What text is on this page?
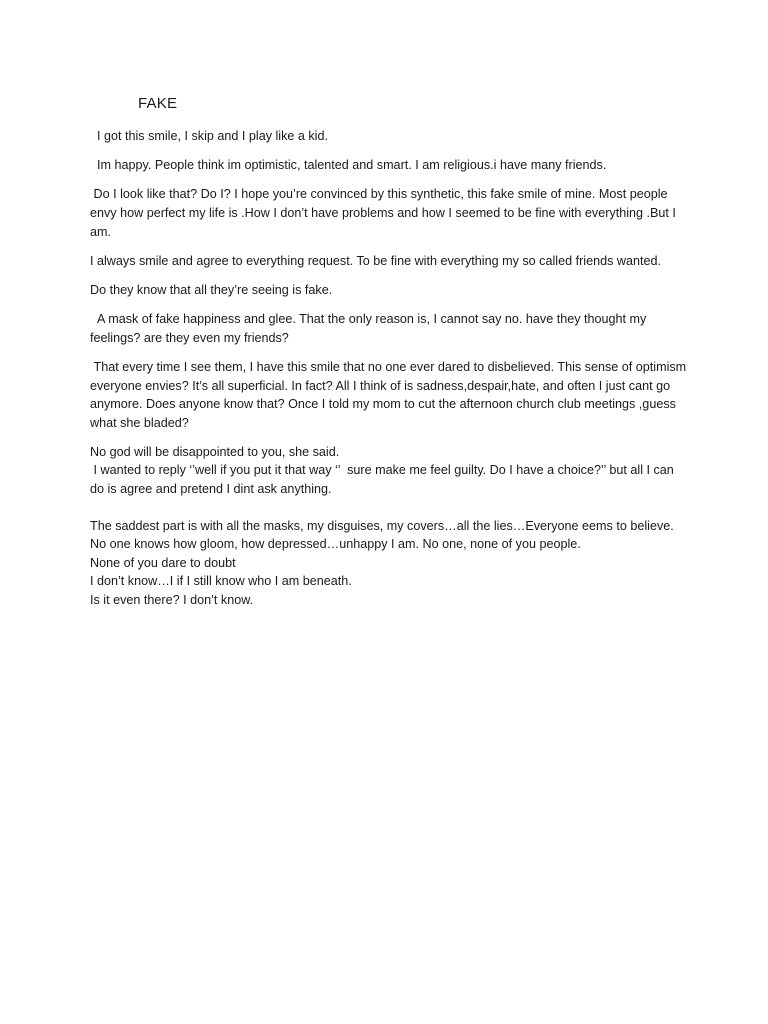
FAKE

I got this smile, I skip and I play like a kid.

Im happy. People think im optimistic, talented and smart. I am religious.i have many friends.

Do I look like that? Do I? I hope you’re convinced by this synthetic, this fake smile of mine. Most people envy how perfect my life is .How I don’t have problems and how I seemed to be fine with everything .But I am.

I always smile and agree to everything request. To be fine with everything my so called friends wanted.

Do they know that all they’re seeing is fake.

A mask of fake happiness and glee. That the only reason is, I cannot say no. have they thought my feelings? are they even my friends?

That every time I see them, I have this smile that no one ever dared to disbelieved. This sense of optimism everyone envies? It’s all superficial. In fact? All I think of is sadness,despair,hate, and often I just cant go anymore. Does anyone know that? Once I told my mom to cut the afternoon church club meetings ,guess what she bladed?

No god will be disappointed to you, she said.

I wanted to reply ‘’well if you put it that way ‘’  sure make me feel guilty. Do I have a choice?’’ but all I can do is agree and pretend I dint ask anything.

The saddest part is with all the masks, my disguises, my covers…all the lies…Everyone eems to believe.

No one knows how gloom, how depressed…unhappy I am. No one, none of you people.

None of you dare to doubt

I don’t know…I if I still know who I am beneath.

Is it even there? I don’t know.
